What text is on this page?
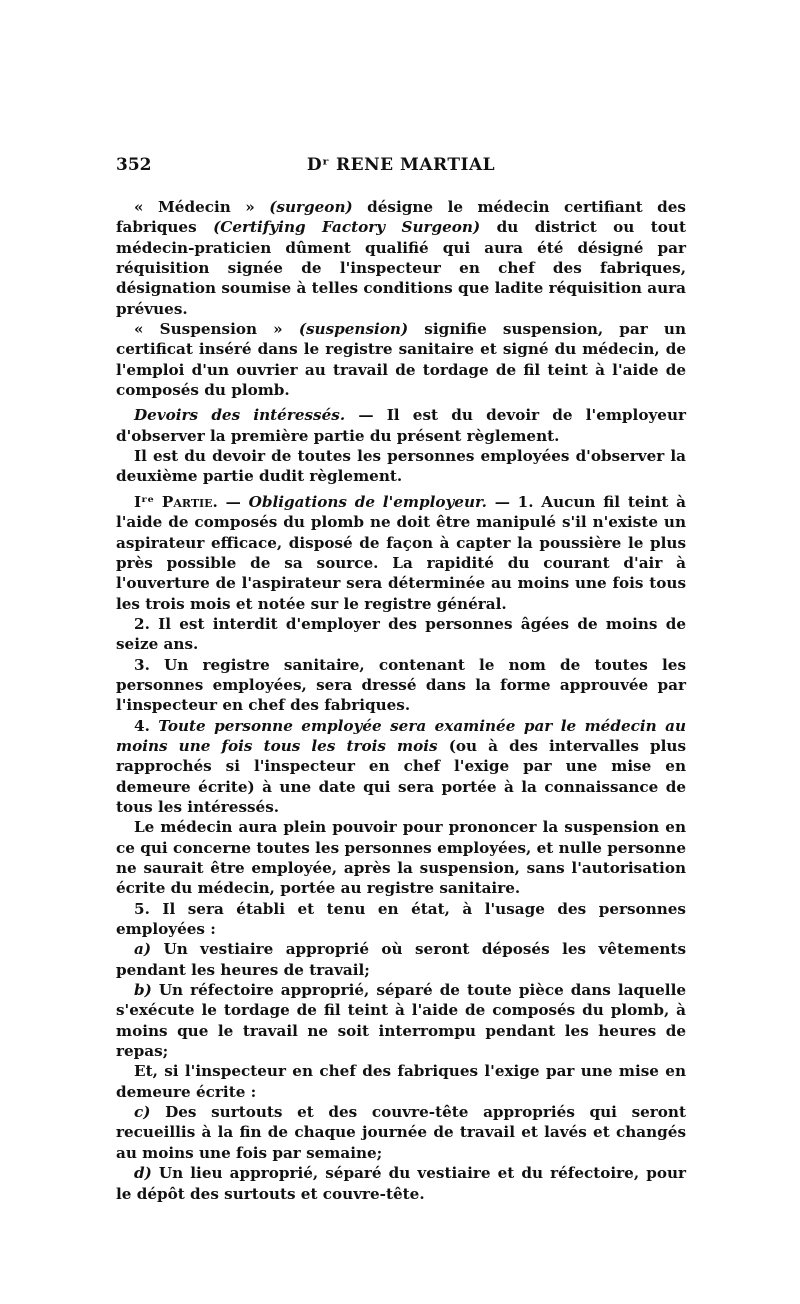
352	Dʳ RENE MARTIAL

« Médecin » (surgeon) désigne le médecin certifiant des fabriques (Certifying Factory Surgeon) du district ou tout médecin-praticien dûment qualifié qui aura été désigné par réquisition signée de l'inspecteur en chef des fabriques, désignation soumise à telles conditions que ladite réquisition aura prévues.

« Suspension » (suspension) signifie suspension, par un certificat inséré dans le registre sanitaire et signé du médecin, de l'emploi d'un ouvrier au travail de tordage de fil teint à l'aide de composés du plomb.

Devoirs des intéressés. — Il est du devoir de l'employeur d'observer la première partie du présent règlement.

Il est du devoir de toutes les personnes employées d'observer la deuxième partie dudit règlement.

Iʳᵉ Partie. — Obligations de l'employeur. — 1. Aucun fil teint à l'aide de composés du plomb ne doit être manipulé s'il n'existe un aspirateur efficace, disposé de façon à capter la poussière le plus près possible de sa source. La rapidité du courant d'air à l'ouverture de l'aspirateur sera déterminée au moins une fois tous les trois mois et notée sur le registre général.

2. Il est interdit d'employer des personnes âgées de moins de seize ans.

3. Un registre sanitaire, contenant le nom de toutes les personnes employées, sera dressé dans la forme approuvée par l'inspecteur en chef des fabriques.

4. Toute personne employée sera examinée par le médecin au moins une fois tous les trois mois (ou à des intervalles plus rapprochés si l'inspecteur en chef l'exige par une mise en demeure écrite) à une date qui sera portée à la connaissance de tous les intéressés.

Le médecin aura plein pouvoir pour prononcer la suspension en ce qui concerne toutes les personnes employées, et nulle personne ne saurait être employée, après la suspension, sans l'autorisation écrite du médecin, portée au registre sanitaire.

5. Il sera établi et tenu en état, à l'usage des personnes employées :

a) Un vestiaire approprié où seront déposés les vêtements pendant les heures de travail;

b) Un réfectoire approprié, séparé de toute pièce dans laquelle s'exécute le tordage de fil teint à l'aide de composés du plomb, à moins que le travail ne soit interrompu pendant les heures de repas;

Et, si l'inspecteur en chef des fabriques l'exige par une mise en demeure écrite :

c) Des surtouts et des couvre-tête appropriés qui seront recueillis à la fin de chaque journée de travail et lavés et changés au moins une fois par semaine;

d) Un lieu approprié, séparé du vestiaire et du réfectoire, pour le dépôt des surtouts et couvre-tête.
